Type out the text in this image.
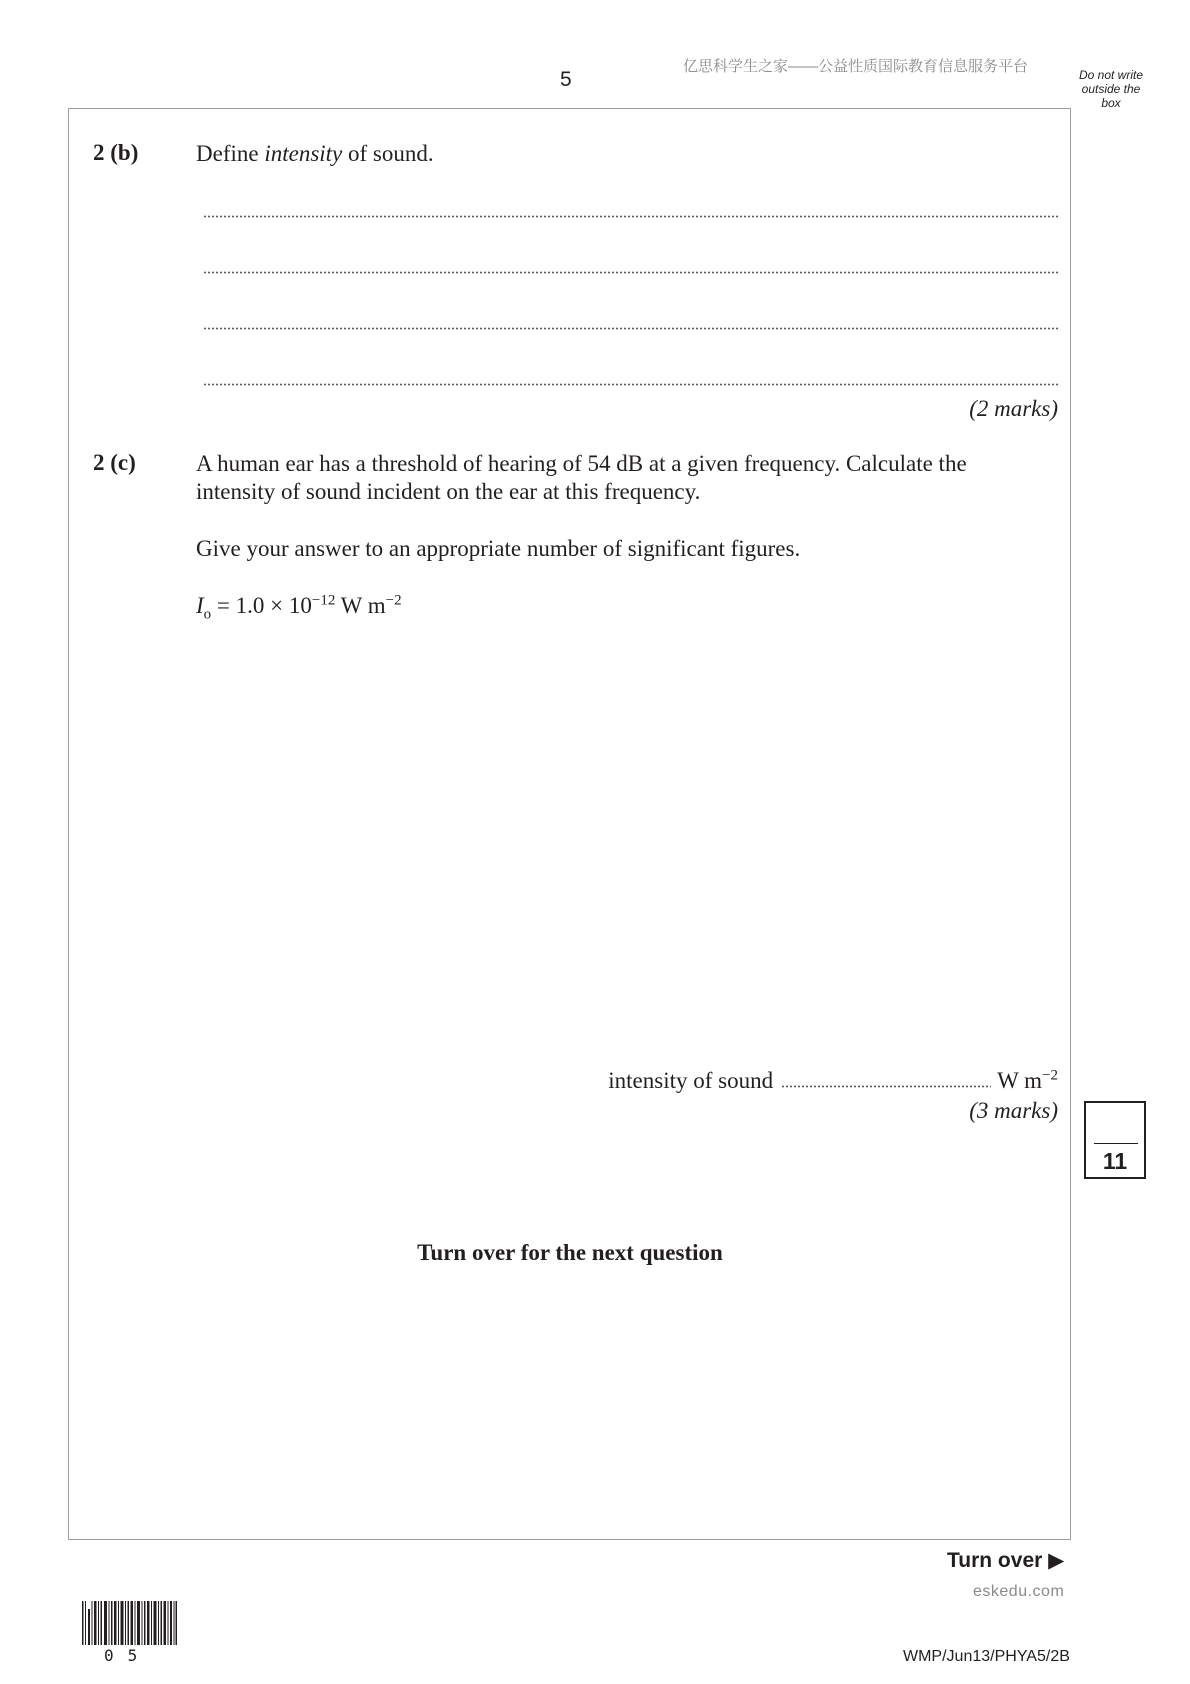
5
亿思科学生之家——公益性质国际教育信息服务平台	Do not write
outside the
box
2 (b)	Define intensity of sound.
(2 marks)
2 (c)	A human ear has a threshold of hearing of 54 dB at a given frequency. Calculate the
intensity of sound incident on the ear at this frequency.
Give your answer to an appropriate number of significant figures.
$I_o = 1.0 \times 10^{-12}$ W $m^{-2}$
intensity of sound	W $m^{-2}$
(3 marks)
11
Turn over for the next question
Turn over ▶
eskedu.com
05	WMP/Jun13/PHYA5/2B
